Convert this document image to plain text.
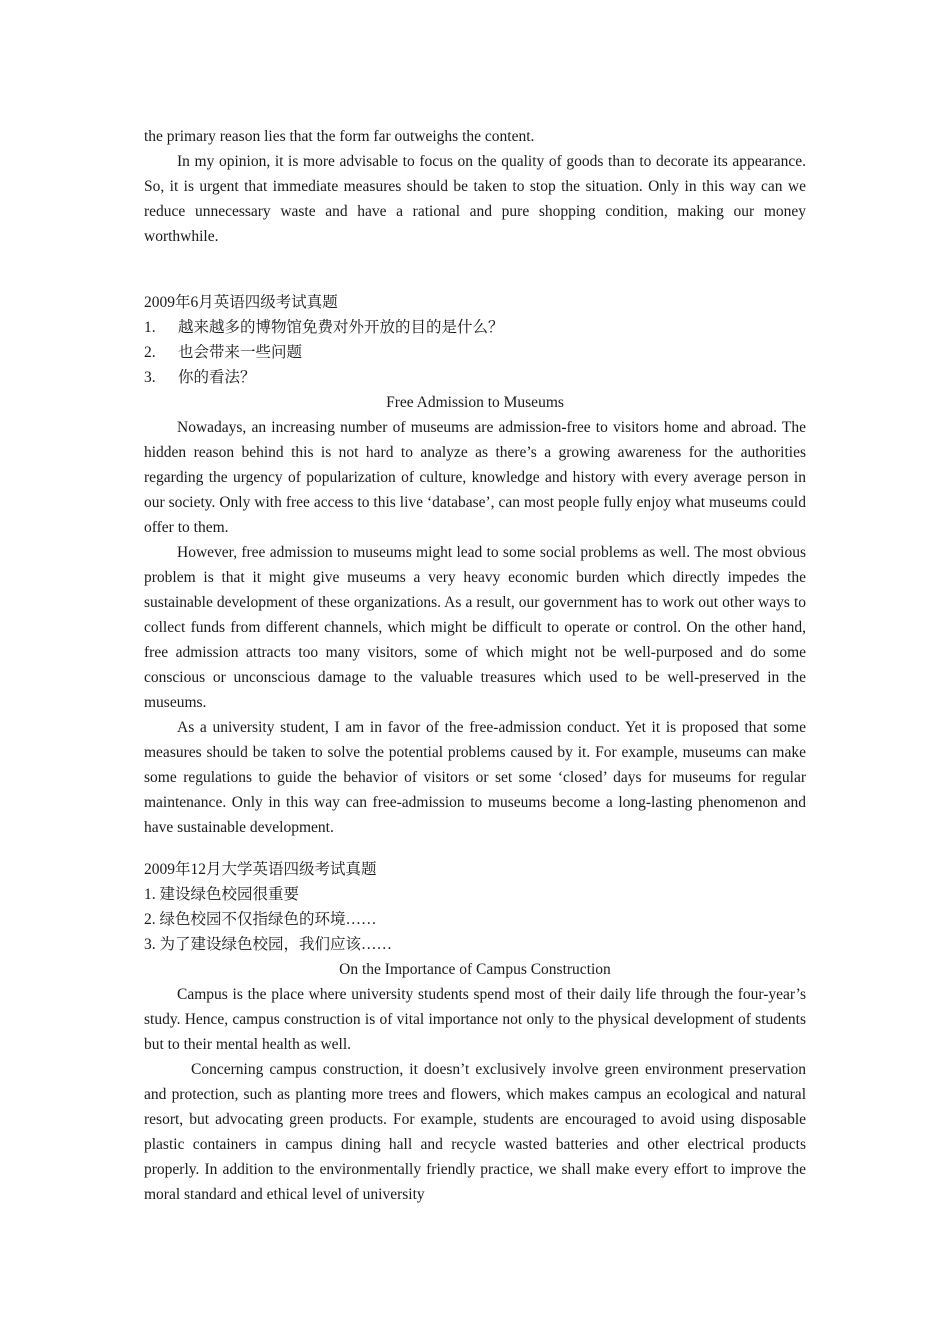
the primary reason lies that the form far outweighs the content.

In my opinion, it is more advisable to focus on the quality of goods than to decorate its appearance. So, it is urgent that immediate measures should be taken to stop the situation. Only in this way can we reduce unnecessary waste and have a rational and pure shopping condition, making our money worthwhile.

2009年6月英语四级考试真题

1.	越来越多的博物馆免费对外开放的目的是什么？
2.	也会带来一些问题
3.	你的看法？

Free Admission to Museums

Nowadays, an increasing number of museums are admission-free to visitors home and abroad. The hidden reason behind this is not hard to analyze as there’s a growing awareness for the authorities regarding the urgency of popularization of culture, knowledge and history with every average person in our society. Only with free access to this live ‘database’, can most people fully enjoy what museums could offer to them.

However, free admission to museums might lead to some social problems as well. The most obvious problem is that it might give museums a very heavy economic burden which directly impedes the sustainable development of these organizations. As a result, our government has to work out other ways to collect funds from different channels, which might be difficult to operate or control. On the other hand, free admission attracts too many visitors, some of which might not be well-purposed and do some conscious or unconscious damage to the valuable treasures which used to be well-preserved in the museums.

As a university student, I am in favor of the free-admission conduct. Yet it is proposed that some measures should be taken to solve the potential problems caused by it. For example, museums can make some regulations to guide the behavior of visitors or set some ‘closed’ days for museums for regular maintenance. Only in this way can free-admission to museums become a long-lasting phenomenon and have sustainable development.

2009年12月大学英语四级考试真题

1. 建设绿色校园很重要

2. 绿色校园不仅指绿色的环境……

3. 为了建设绿色校园，我们应该……

On the Importance of Campus Construction

Campus is the place where university students spend most of their daily life through the four-year’s study. Hence, campus construction is of vital importance not only to the physical development of students but to their mental health as well.

Concerning campus construction, it doesn’t exclusively involve green environment preservation and protection, such as planting more trees and flowers, which makes campus an ecological and natural resort, but advocating green products. For example, students are encouraged to avoid using disposable plastic containers in campus dining hall and recycle wasted batteries and other electrical products properly. In addition to the environmentally friendly practice, we shall make every effort to improve the moral standard and ethical level of university
